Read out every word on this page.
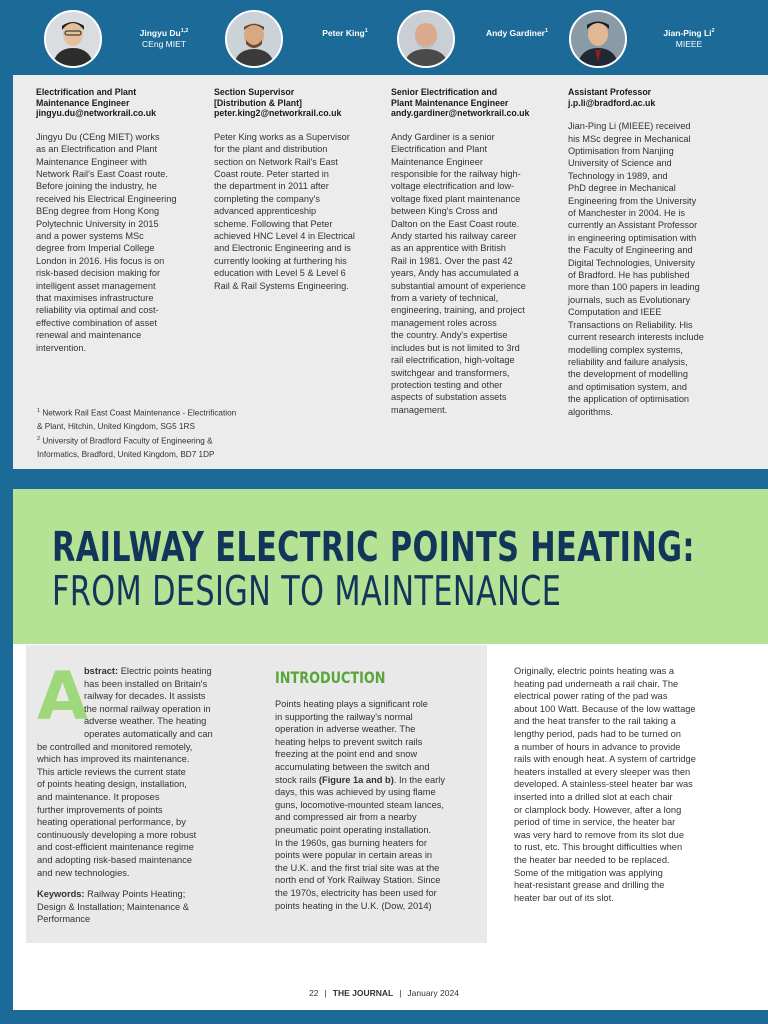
Jingyu Du$^{1,2}$
CEng MIET
Peter King$^1$	Andy Gardiner$^1$	Jian-Ping Li$^2$
MIEEE
Electrification and Plant
Maintenance Engineer
jingyu.du@networkrail.co.uk
Jingyu Du (CEng MIET) works
as an Electrification and Plant
Maintenance Engineer with
Network Rail's East Coast route.
Before joining the industry, he
received his Electrical Engineering
BEng degree from Hong Kong
Polytechnic University in 2015
and a power systems MSc
degree from Imperial College
London in 2016. His focus is on
risk-based decision making for
intelligent asset management
that maximises infrastructure
reliability via optimal and cost-
effective combination of asset
renewal and maintenance
intervention.
Section Supervisor
[Distribution & Plant]
peter.king2@networkrail.co.uk
Peter King works as a Supervisor
for the plant and distribution
section on Network Rail's East
Coast route. Peter started in
the department in 2011 after
completing the company's
advanced apprenticeship
scheme. Following that Peter
achieved HNC Level 4 in Electrical
and Electronic Engineering and is
currently looking at furthering his
education with Level 5 & Level 6
Rail & Rail Systems Engineering.
Senior Electrification and
Plant Maintenance Engineer
andy.gardiner@networkrail.co.uk
Andy Gardiner is a senior
Electrification and Plant
Maintenance Engineer
responsible for the railway high-
voltage electrification and low-
voltage fixed plant maintenance
between King's Cross and
Dalton on the East Coast route.
Andy started his railway career
as an apprentice with British
Rail in 1981. Over the past 42
years, Andy has accumulated a
substantial amount of experience
from a variety of technical,
engineering, training, and project
management roles across
the country. Andy's expertise
includes but is not limited to 3rd
rail electrification, high-voltage
switchgear and transformers,
protection testing and other
aspects of substation assets
management.
Assistant Professor
j.p.li@bradford.ac.uk
Jian-Ping Li (MIEEE) received
his MSc degree in Mechanical
Optimisation from Nanjing
University of Science and
Technology in 1989, and
PhD degree in Mechanical
Engineering from the University
of Manchester in 2004. He is
currently an Assistant Professor
in engineering optimisation with
the Faculty of Engineering and
Digital Technologies, University
of Bradford. He has published
more than 100 papers in leading
journals, such as Evolutionary
Computation and IEEE
Transactions on Reliability. His
current research interests include
modelling complex systems,
reliability and failure analysis,
the development of modelling
and optimisation system, and
the application of optimisation
algorithms.
$^1$ Network Rail East Coast Maintenance - Electrification
& Plant, Hitchin, United Kingdom, SG5 1RS
$^2$ University of Bradford Faculty of Engineering &
Informatics, Bradford, United Kingdom, BD7 1DP
RAILWAY ELECTRIC POINTS HEATING:
FROM DESIGN TO MAINTENANCE
A
bstract: Electric points heating
has been installed on Britain's
railway for decades. It assists
the normal railway operation in
adverse weather. The heating
operates automatically and can
be controlled and monitored remotely,
which has improved its maintenance.
This article reviews the current state
of points heating design, installation,
and maintenance. It proposes
further improvements of points
heating operational performance, by
continuously developing a more robust
and cost-efficient maintenance regime
and adopting risk-based maintenance
and new technologies.
Keywords: Railway Points Heating;
Design & Installation; Maintenance &
Performance
INTRODUCTION
Points heating plays a significant role
in supporting the railway's normal
operation in adverse weather. The
heating helps to prevent switch rails
freezing at the point end and snow
accumulating between the switch and
stock rails (Figure 1a and b). In the early
days, this was achieved by using flame
guns, locomotive-mounted steam lances,
and compressed air from a nearby
pneumatic point operating installation.
In the 1960s, gas burning heaters for
points were popular in certain areas in
the U.K. and the first trial site was at the
north end of York Railway Station. Since
the 1970s, electricity has been used for
points heating in the U.K. (Dow, 2014)
Originally, electric points heating was a
heating pad underneath a rail chair. The
electrical power rating of the pad was
about 100 Watt. Because of the low wattage
and the heat transfer to the rail taking a
lengthy period, pads had to be turned on
a number of hours in advance to provide
rails with enough heat. A system of cartridge
heaters installed at every sleeper was then
developed. A stainless-steel heater bar was
inserted into a drilled slot at each chair
or clamplock body. However, after a long
period of time in service, the heater bar
was very hard to remove from its slot due
to rust, etc. This brought difficulties when
the heater bar needed to be replaced.
Some of the mitigation was applying
heat-resistant grease and drilling the
heater bar out of its slot.
22 | THE JOURNAL | January 2024
